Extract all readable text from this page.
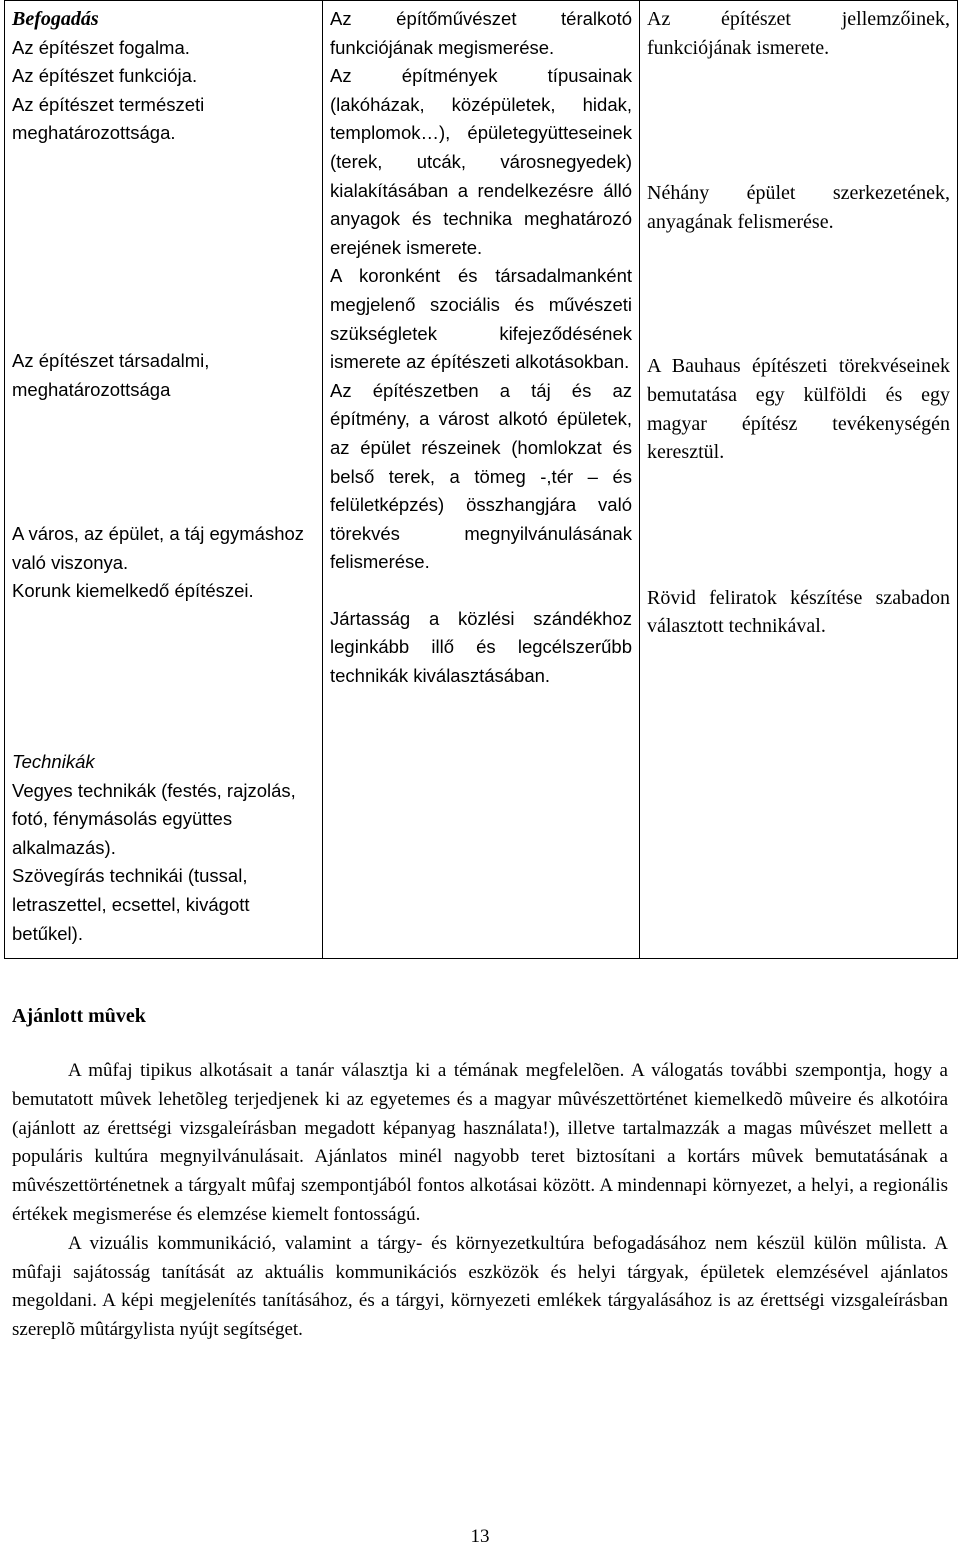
Befogadás
Az építészet fogalma.
Az építészet funkciója.
Az építészet természeti meghatározottsága.
Az építészet társadalmi, meghatározottsága
A város, az épület, a táj egymáshoz való viszonya.
Korunk kiemelkedő építészei.
Technikák
Vegyes technikák (festés, rajzolás, fotó, fénymásolás együttes alkalmazás).
Szövegírás technikái (tussal, letraszettel, ecsettel, kivágott betűkel).

Az építőművészet téralkotó funkciójának megismerése.
Az építmények típusainak (lakóházak, középületek, hidak, templomok…), épületegyütteseinek (terek, utcák, városnegyedek) kialakításában a rendelkezésre álló anyagok és technika meghatározó erejének ismerete.
A koronként és társadalmanként megjelenő szociális és művészeti szükségletek kifejeződésének ismerete az építészeti alkotásokban.
Az építészetben a táj és az építmény, a várost alkotó épületek, az épület részeinek (homlokzat és belső terek, a tömeg -,tér – és felületképzés) összhangjára való törekvés megnyilvánulásának felismerése.
Jártasság a közlési szándékhoz leginkább illő és legcélszerűbb technikák kiválasztásában.

Az építészet jellemzőinek, funkciójának ismerete.
Néhány épület szerkezetének, anyagának felismerése.
A Bauhaus építészeti törekvéseinek bemutatása egy külföldi és egy magyar építész tevékenységén keresztül.
Rövid feliratok készítése szabadon választott technikával.
Ajánlott mûvek

A mûfaj tipikus alkotásait a tanár választja ki a témának megfelelõen. A válogatás további szempontja, hogy a bemutatott mûvek lehetõleg terjedjenek ki az egyetemes és a magyar mûvészettörténet kiemelkedõ mûveire és alkotóira (ajánlott az érettségi vizsgaleírásban megadott képanyag használata!), illetve tartalmazzák a magas mûvészet mellett a populáris kultúra megnyilvánulásait. Ajánlatos minél nagyobb teret biztosítani a kortárs mûvek bemutatásának a mûvészettörténetnek a tárgyalt mûfaj szempontjából fontos alkotásai között. A mindennapi környezet, a helyi, a regionális értékek megismerése és elemzése kiemelt fontosságú.

A vizuális kommunikáció, valamint a tárgy- és környezetkultúra befogadásához nem készül külön mûlista. A mûfaji sajátosság tanítását az aktuális kommunikációs eszközök és helyi tárgyak, épületek elemzésével ajánlatos megoldani. A képi megjelenítés tanításához, és a tárgyi, környezeti emlékek tárgyalásához is az érettségi vizsgaleírásban szereplõ mûtárgylista nyújt segítséget.

13
